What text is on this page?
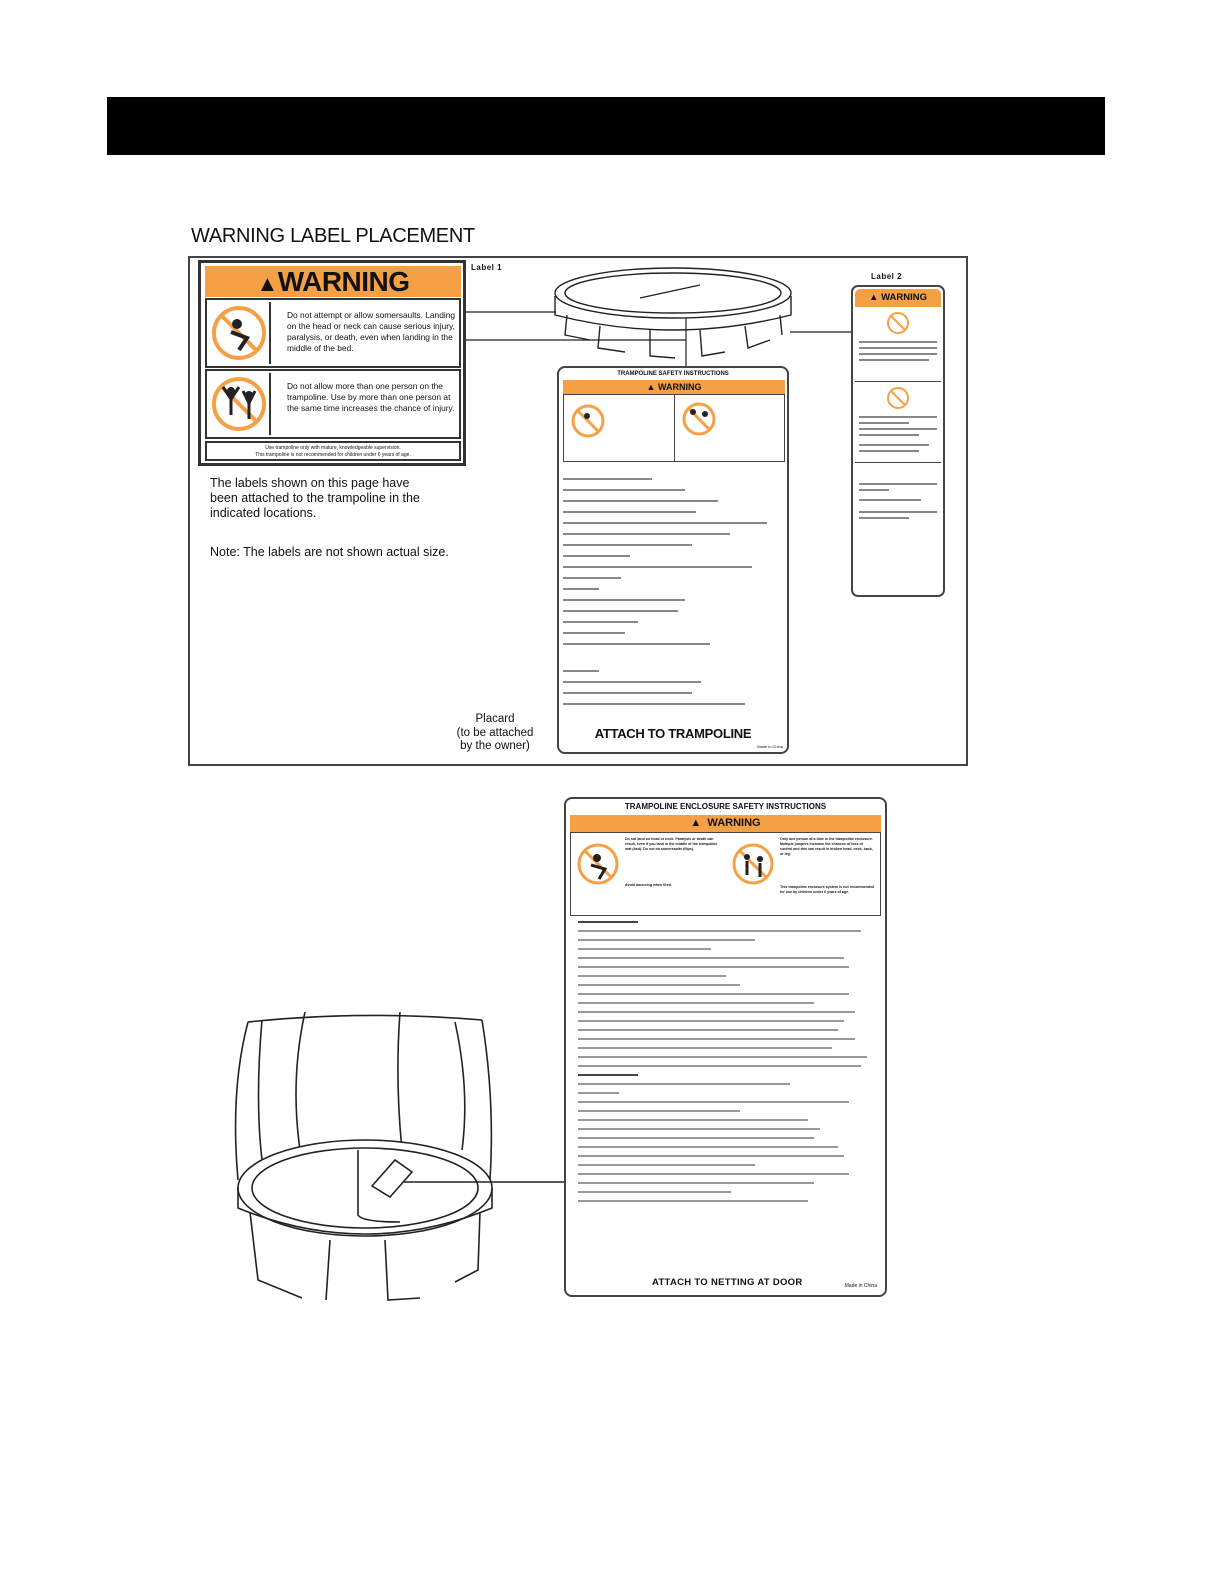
WARNING LABEL PLACEMENT
Label 1
▲WARNING
Do not attempt or allow somersaults. Landing on the head or neck can cause serious injury, paralysis, or death, even when landing in the middle of the bed.
Do not allow more than one person on the trampoline. Use by more than one person at the same time increases the chance of injury.
Use trampoline only with mature, knowledgeable supervision.
This trampoline is not recommended for children under 6 years of age.
The labels shown on this page have been attached to the trampoline in the indicated locations.
Note: The labels are not shown actual size.
TRAMPOLINE SAFETY INSTRUCTIONS
▲ WARNING
ATTACH TO TRAMPOLINE
Made in China
Placard
(to be attached
by the owner)
Label 2
▲ WARNING
TRAMPOLINE ENCLOSURE SAFETY INSTRUCTIONS
▲ WARNING
Do not land on head or neck. Paralysis or death can result, even if you land in the middle of the trampoline mat (bed). Do not do somersaults (flips).
Avoid bouncing when tired.
Only one person at a time in the trampoline enclosure. Multiple jumpers increase the chances of loss of control and this can result in broken head, neck, back, or leg.
This trampoline enclosure system is not recommended for use by children under 6 years of age.
ATTACH TO NETTING AT DOOR	Made in China
